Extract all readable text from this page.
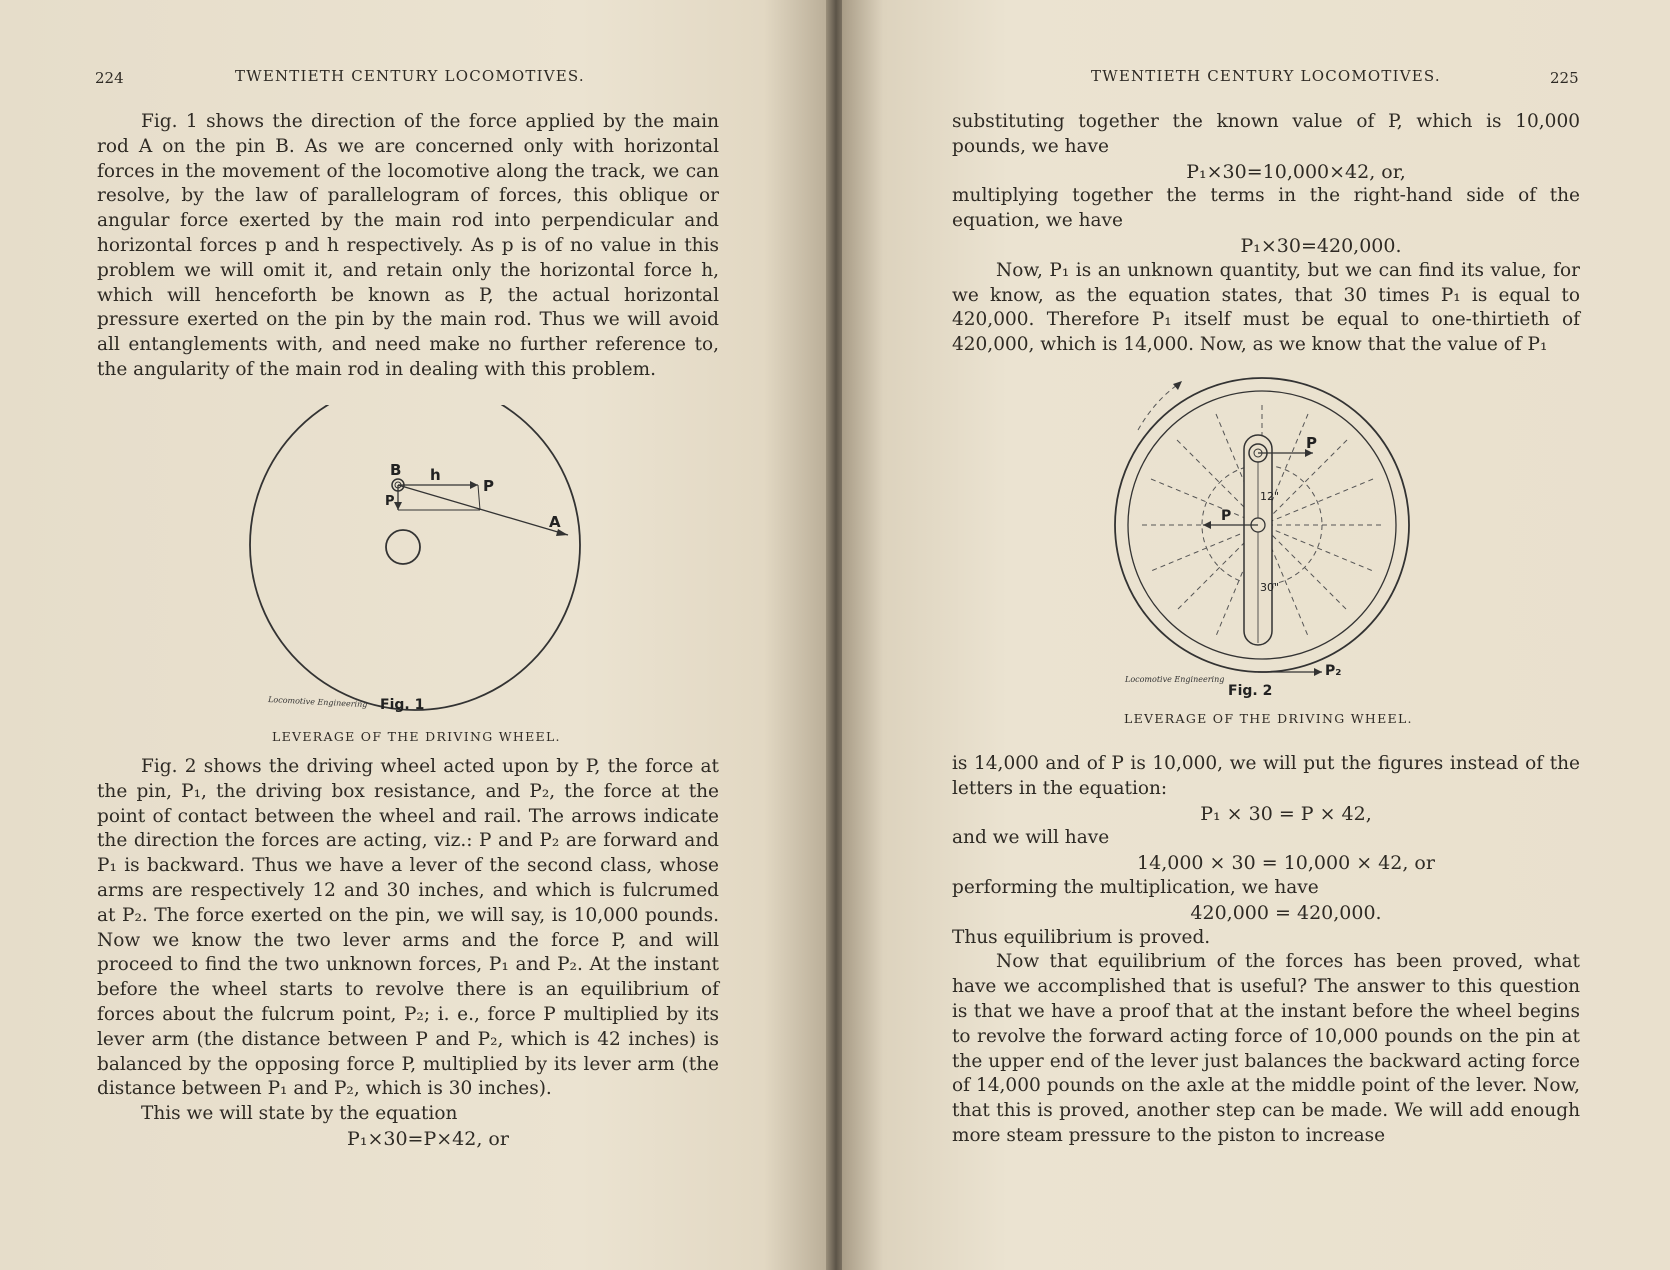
224	TWENTIETH CENTURY LOCOMOTIVES.

Fig. 1 shows the direction of the force applied by the main rod A on the pin B. As we are concerned only with horizontal forces in the movement of the locomotive along the track, we can resolve, by the law of parallelogram of forces, this oblique or angular force exerted by the main rod into perpendicular and horizontal forces p and h respectively. As p is of no value in this problem we will omit it, and retain only the horizontal force h, which will henceforth be known as P, the actual horizontal pressure exerted on the pin by the main rod. Thus we will avoid all entanglements with, and need make no further reference to, the angularity of the main rod in dealing with this problem.

B h
P
P
A
Locomotive Engineering Fig. 1
LEVERAGE OF THE DRIVING WHEEL.

Fig. 2 shows the driving wheel acted upon by P, the force at the pin, P₁, the driving box resistance, and P₂, the force at the point of contact between the wheel and rail. The arrows indicate the direction the forces are acting, viz.: P and P₂ are forward and P₁ is backward. Thus we have a lever of the second class, whose arms are respectively 12 and 30 inches, and which is fulcrumed at P₂. The force exerted on the pin, we will say, is 10,000 pounds. Now we know the two lever arms and the force P, and will proceed to find the two unknown forces, P₁ and P₂. At the instant before the wheel starts to revolve there is an equilibrium of forces about the fulcrum point, P₂; i. e., force P multiplied by its lever arm (the distance between P and P₂, which is 42 inches) is balanced by the opposing force P, multiplied by its lever arm (the distance between P₁ and P₂, which is 30 inches).

This we will state by the equation

P₁×30=P×42, or

TWENTIETH CENTURY LOCOMOTIVES.	225

substituting together the known value of P, which is 10,000 pounds, we have

P₁×30=10,000×42, or,

multiplying together the terms in the right-hand side of the equation, we have

P₁×30=420,000.

Now, P₁ is an unknown quantity, but we can find its value, for we know, as the equation states, that 30 times P₁ is equal to 420,000. Therefore P₁ itself must be equal to one-thirtieth of 420,000, which is 14,000. Now, as we know that the value of P₁

P
12"
P
30"
P₂
Locomotive Engineering
Fig. 2
LEVERAGE OF THE DRIVING WHEEL.

is 14,000 and of P is 10,000, we will put the figures instead of the letters in the equation:

P₁ × 30 = P × 42,

and we will have

14,000 × 30 = 10,000 × 42, or

performing the multiplication, we have

420,000 = 420,000.

Thus equilibrium is proved.

Now that equilibrium of the forces has been proved, what have we accomplished that is useful? The answer to this question is that we have a proof that at the instant before the wheel begins to revolve the forward acting force of 10,000 pounds on the pin at the upper end of the lever just balances the backward acting force of 14,000 pounds on the axle at the middle point of the lever. Now, that this is proved, another step can be made. We will add enough more steam pressure to the piston to increase
